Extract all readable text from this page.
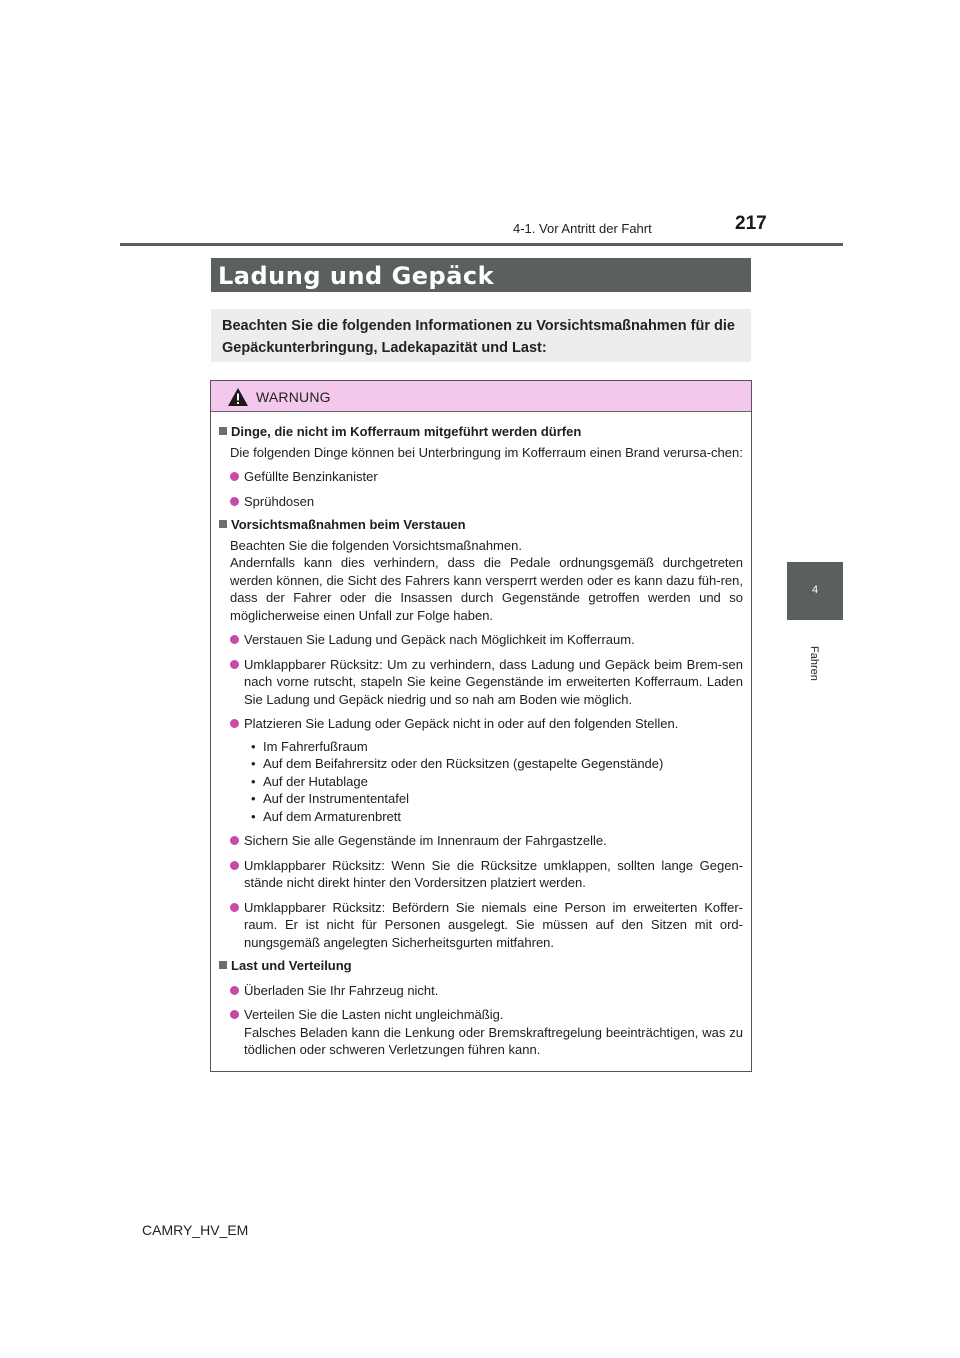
217
4-1. Vor Antritt der Fahrt
4
Fahren
Ladung und Gepäck
Beachten Sie die folgenden Informationen zu Vorsichtsmaßnahmen für die Gepäckunterbringung, Ladekapazität und Last:
WARNUNG

Dinge, die nicht im Kofferraum mitgeführt werden dürfen

Die folgenden Dinge können bei Unterbringung im Kofferraum einen Brand verursa-chen:

Gefüllte Benzinkanister

Sprühdosen

Vorsichtsmaßnahmen beim Verstauen

Beachten Sie die folgenden Vorsichtsmaßnahmen.

Andernfalls kann dies verhindern, dass die Pedale ordnungsgemäß durchgetreten werden können, die Sicht des Fahrers kann versperrt werden oder es kann dazu füh-ren, dass der Fahrer oder die Insassen durch Gegenstände getroffen werden und so möglicherweise einen Unfall zur Folge haben.

Verstauen Sie Ladung und Gepäck nach Möglichkeit im Kofferraum.

Umklappbarer Rücksitz: Um zu verhindern, dass Ladung und Gepäck beim Brem-sen nach vorne rutscht, stapeln Sie keine Gegenstände im erweiterten Kofferraum. Laden Sie Ladung und Gepäck niedrig und so nah am Boden wie möglich.

Platzieren Sie Ladung oder Gepäck nicht in oder auf den folgenden Stellen.

• Im Fahrerfußraum

• Auf dem Beifahrersitz oder den Rücksitzen (gestapelte Gegenstände)

• Auf der Hutablage

• Auf der Instrumententafel

• Auf dem Armaturenbrett

Sichern Sie alle Gegenstände im Innenraum der Fahrgastzelle.

Umklappbarer Rücksitz: Wenn Sie die Rücksitze umklappen, sollten lange Gegen-stände nicht direkt hinter den Vordersitzen platziert werden.

Umklappbarer Rücksitz: Befördern Sie niemals eine Person im erweiterten Koffer-raum. Er ist nicht für Personen ausgelegt. Sie müssen auf den Sitzen mit ord-nungsgemäß angelegten Sicherheitsgurten mitfahren.

Last und Verteilung

Überladen Sie Ihr Fahrzeug nicht.

Verteilen Sie die Lasten nicht ungleichmäßig.

Falsches Beladen kann die Lenkung oder Bremskraftregelung beeinträchtigen, was zu tödlichen oder schweren Verletzungen führen kann.

CAMRY_HV_EM
